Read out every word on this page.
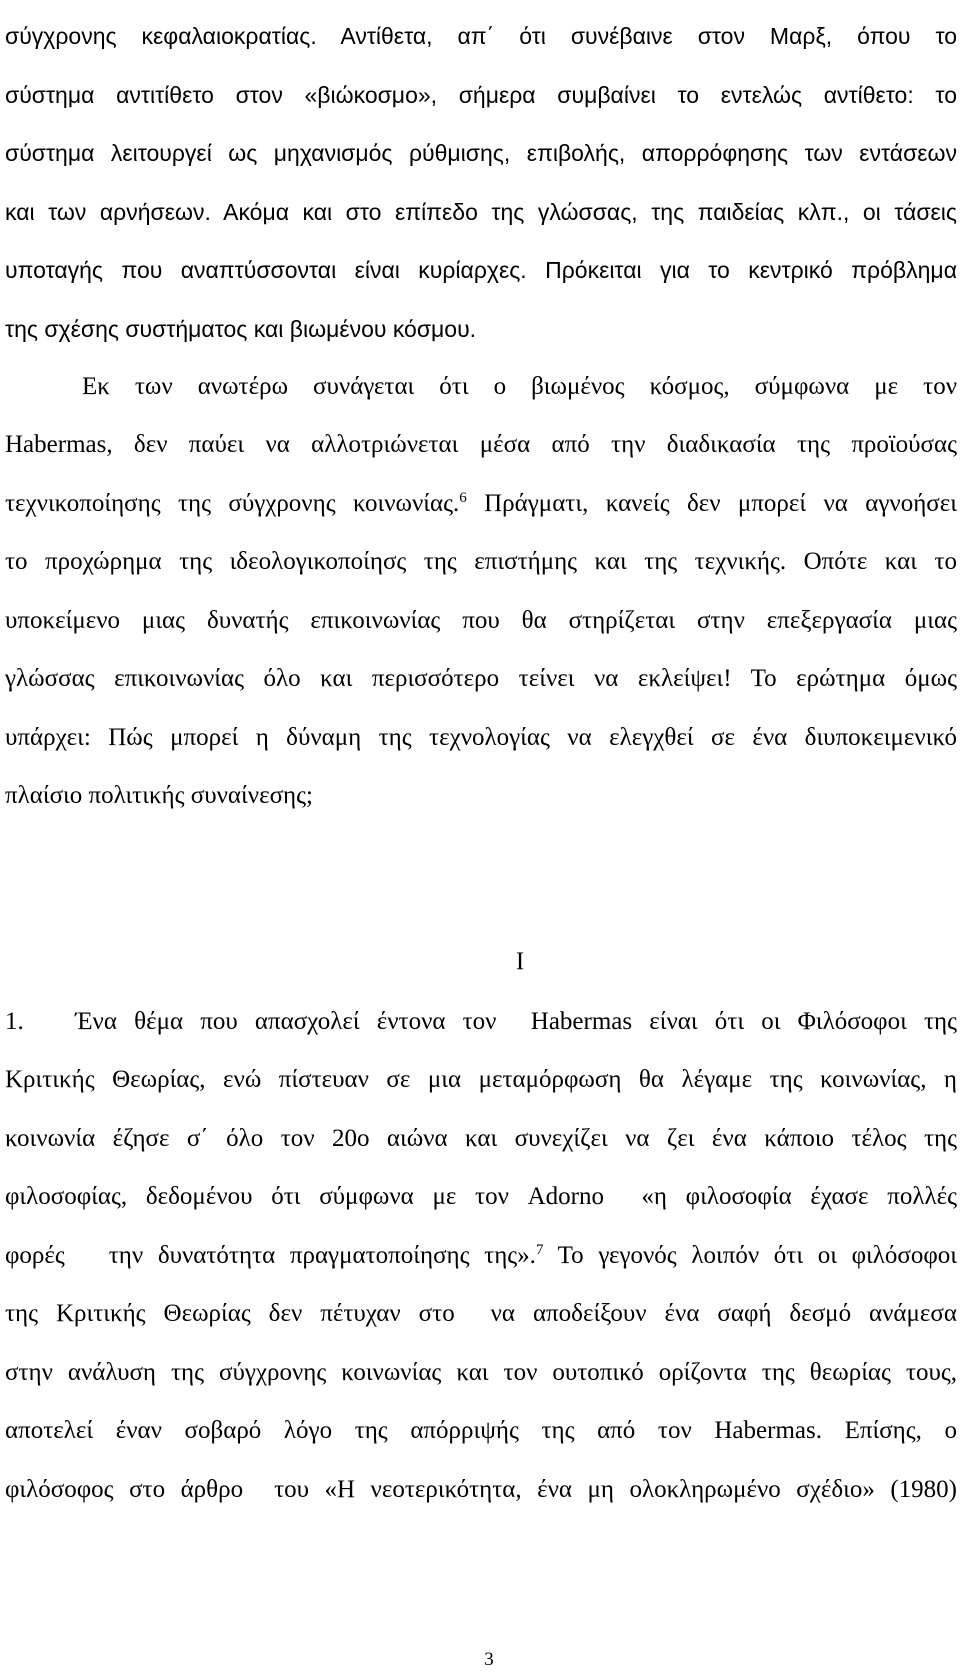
σύγχρονης κεφαλαιοκρατίας. Αντίθετα, απ΄ ότι συνέβαινε στον Μαρξ, όπου το
σύστημα αντιτίθετο στον «βιώκοσμο», σήμερα συμβαίνει το εντελώς αντίθετο: το
σύστημα λειτουργεί ως μηχανισμός ρύθμισης, επιβολής, απορρόφησης των εντάσεων
και των αρνήσεων. Ακόμα και στο επίπεδο της γλώσσας, της παιδείας κλπ., οι τάσεις
υποταγής που αναπτύσσονται είναι κυρίαρχες. Πρόκειται για το κεντρικό πρόβλημα
της σχέσης συστήματος και βιωμένου κόσμου.
Εκ των ανωτέρω συνάγεται ότι ο βιωμένος κόσμος, σύμφωνα με τον
Habermas, δεν παύει να αλλοτριώνεται μέσα από την διαδικασία της προϊούσας
τεχνικοποίησης της σύγχρονης κοινωνίας.$^6$ Πράγματι, κανείς δεν μπορεί να αγνοήσει
το προχώρημα της ιδεολογικοποίησς της επιστήμης και της τεχνικής. Οπότε και το
υποκείμενο μιας δυνατής επικοινωνίας που θα στηρίζεται στην επεξεργασία μιας
γλώσσας επικοινωνίας όλο και περισσότερο τείνει να εκλείψει! Το ερώτημα όμως
υπάρχει: Πώς μπορεί η δύναμη της τεχνολογίας να ελεγχθεί σε ένα διυποκειμενικό
πλαίσιο πολιτικής συναίνεσης;
Ι
1.   Ένα θέμα που απασχολεί έντονα τον  Habermas είναι ότι οι Φιλόσοφοι της
Κριτικής Θεωρίας, ενώ πίστευαν σε μια μεταμόρφωση θα λέγαμε της κοινωνίας, η
κοινωνία έζησε σ΄ όλο τον 20ο αιώνα και συνεχίζει να ζει ένα κάποιο τέλος της
φιλοσοφίας, δεδομένου ότι σύμφωνα με τον Adorno  «η φιλοσοφία έχασε πολλές
φορές   την δυνατότητα πραγματοποίησης της».$^7$ Το γεγονός λοιπόν ότι οι φιλόσοφοι
της Κριτικής Θεωρίας δεν πέτυχαν στο  να αποδείξουν ένα σαφή δεσμό ανάμεσα
στην ανάλυση της σύγχρονης κοινωνίας και τον ουτοπικό ορίζοντα της θεωρίας τους,
αποτελεί έναν σοβαρό λόγο της απόρριψής της από τον Habermas. Επίσης, ο
φιλόσοφος στο άρθρο  του «Η νεοτερικότητα, ένα μη ολοκληρωμένο σχέδιο» (1980)
3
